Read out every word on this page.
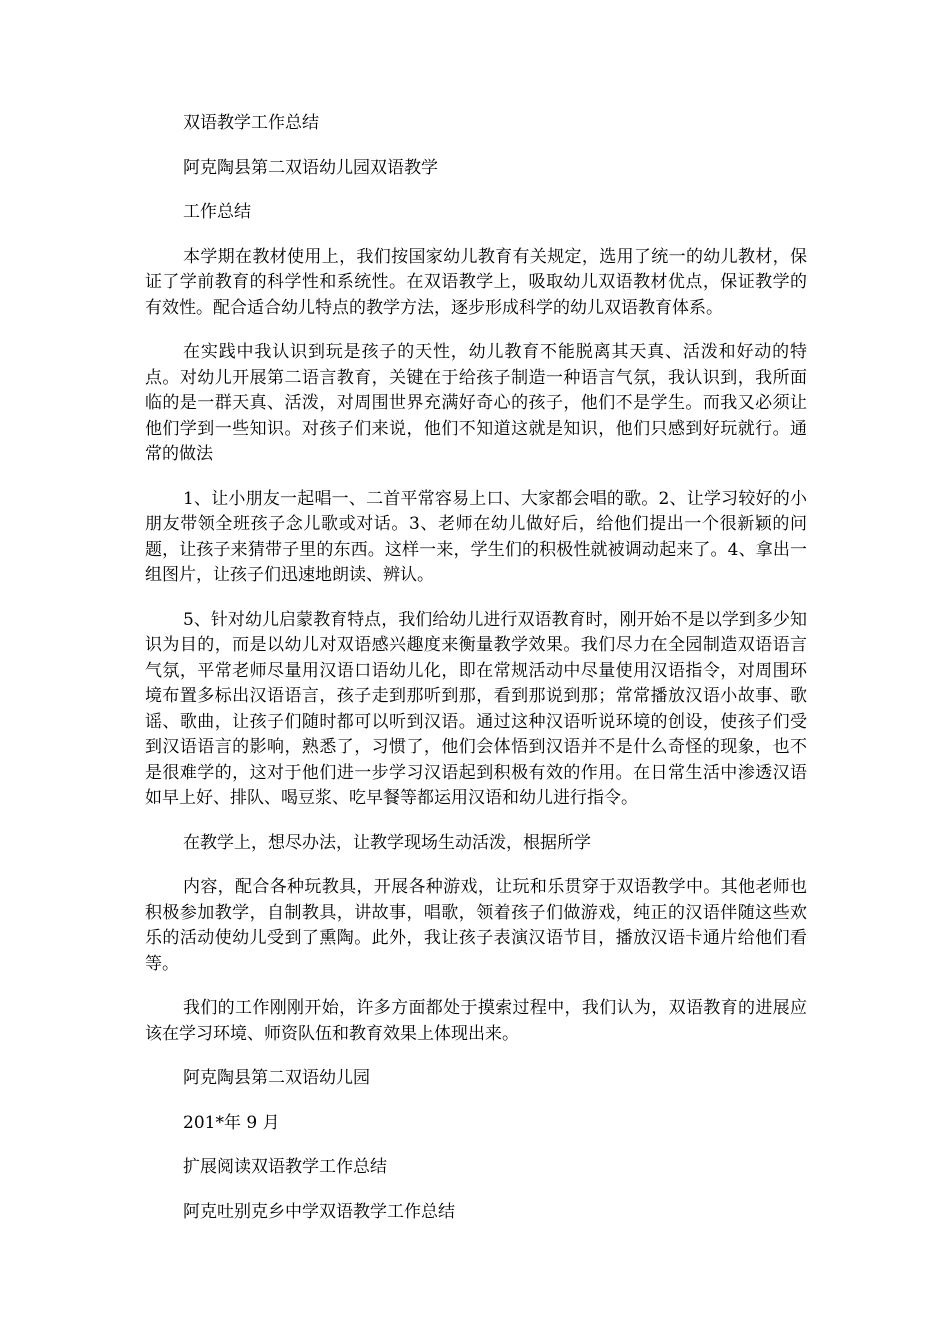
双语教学工作总结

阿克陶县第二双语幼儿园双语教学

工作总结

本学期在教材使用上，我们按国家幼儿教育有关规定，选用了统一的幼儿教材，保证了学前教育的科学性和系统性。在双语教学上，吸取幼儿双语教材优点，保证教学的有效性。配合适合幼儿特点的教学方法，逐步形成科学的幼儿双语教育体系。

在实践中我认识到玩是孩子的天性，幼儿教育不能脱离其天真、活泼和好动的特点。对幼儿开展第二语言教育，关键在于给孩子制造一种语言气氛，我认识到，我所面临的是一群天真、活泼，对周围世界充满好奇心的孩子，他们不是学生。而我又必须让他们学到一些知识。对孩子们来说，他们不知道这就是知识，他们只感到好玩就行。通常的做法

1、让小朋友一起唱一、二首平常容易上口、大家都会唱的歌。2、让学习较好的小朋友带领全班孩子念儿歌或对话。3、老师在幼儿做好后，给他们提出一个很新颖的问题，让孩子来猜带子里的东西。这样一来，学生们的积极性就被调动起来了。4、拿出一组图片，让孩子们迅速地朗读、辨认。

5、针对幼儿启蒙教育特点，我们给幼儿进行双语教育时，刚开始不是以学到多少知识为目的，而是以幼儿对双语感兴趣度来衡量教学效果。我们尽力在全园制造双语语言气氛，平常老师尽量用汉语口语幼儿化，即在常规活动中尽量使用汉语指令，对周围环境布置多标出汉语语言，孩子走到那听到那，看到那说到那；常常播放汉语小故事、歌谣、歌曲，让孩子们随时都可以听到汉语。通过这种汉语听说环境的创设，使孩子们受到汉语语言的影响，熟悉了，习惯了，他们会体悟到汉语并不是什么奇怪的现象，也不是很难学的，这对于他们进一步学习汉语起到积极有效的作用。在日常生活中渗透汉语如早上好、排队、喝豆浆、吃早餐等都运用汉语和幼儿进行指令。

在教学上，想尽办法，让教学现场生动活泼，根据所学

内容，配合各种玩教具，开展各种游戏，让玩和乐贯穿于双语教学中。其他老师也积极参加教学，自制教具，讲故事，唱歌，领着孩子们做游戏，纯正的汉语伴随这些欢乐的活动使幼儿受到了熏陶。此外，我让孩子表演汉语节目，播放汉语卡通片给他们看等。

我们的工作刚刚开始，许多方面都处于摸索过程中，我们认为，双语教育的进展应该在学习环境、师资队伍和教育效果上体现出来。

阿克陶县第二双语幼儿园

201*年 9 月

扩展阅读双语教学工作总结

阿克吐别克乡中学双语教学工作总结
